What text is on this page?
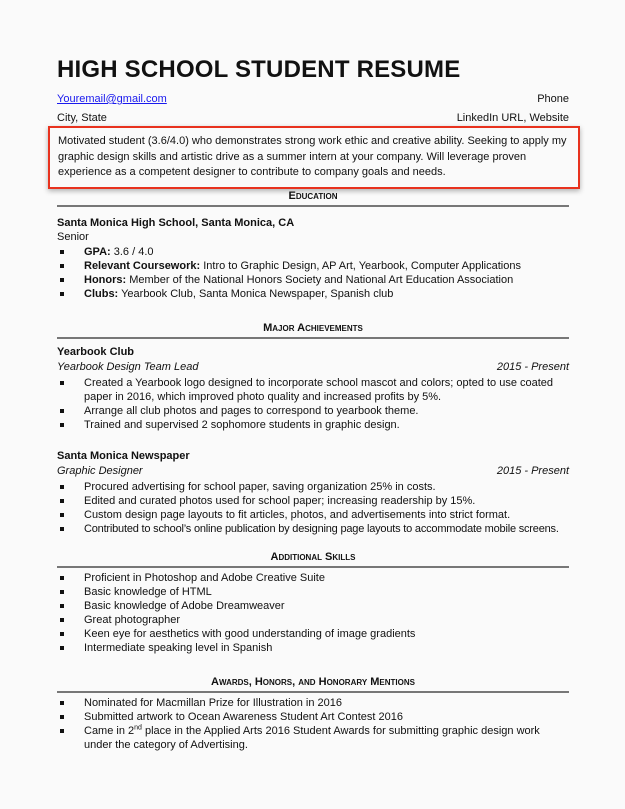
HIGH SCHOOL STUDENT RESUME
Youremail@gmail.com	Phone
City, State	LinkedIn URL, Website
Motivated student (3.6/4.0) who demonstrates strong work ethic and creative ability. Seeking to apply my graphic design skills and artistic drive as a summer intern at your company. Will leverage proven experience as a competent designer to contribute to company goals and needs.
Education
Santa Monica High School, Santa Monica, CA
Senior
GPA: 3.6 / 4.0
Relevant Coursework: Intro to Graphic Design, AP Art, Yearbook, Computer Applications
Honors: Member of the National Honors Society and National Art Education Association
Clubs: Yearbook Club, Santa Monica Newspaper, Spanish club
Major Achievements
Yearbook Club
Yearbook Design Team Lead	2015 - Present
Created a Yearbook logo designed to incorporate school mascot and colors; opted to use coated paper in 2016, which improved photo quality and increased profits by 5%.
Arrange all club photos and pages to correspond to yearbook theme.
Trained and supervised 2 sophomore students in graphic design.
Santa Monica Newspaper
Graphic Designer	2015 - Present
Procured advertising for school paper, saving organization 25% in costs.
Edited and curated photos used for school paper; increasing readership by 15%.
Custom design page layouts to fit articles, photos, and advertisements into strict format.
Contributed to school’s online publication by designing page layouts to accommodate mobile screens.
Additional Skills
Proficient in Photoshop and Adobe Creative Suite
Basic knowledge of HTML
Basic knowledge of Adobe Dreamweaver
Great photographer
Keen eye for aesthetics with good understanding of image gradients
Intermediate speaking level in Spanish
Awards, Honors, and Honorary Mentions
Nominated for Macmillan Prize for Illustration in 2016
Submitted artwork to Ocean Awareness Student Art Contest 2016
Came in 2nd place in the Applied Arts 2016 Student Awards for submitting graphic design work under the category of Advertising.
